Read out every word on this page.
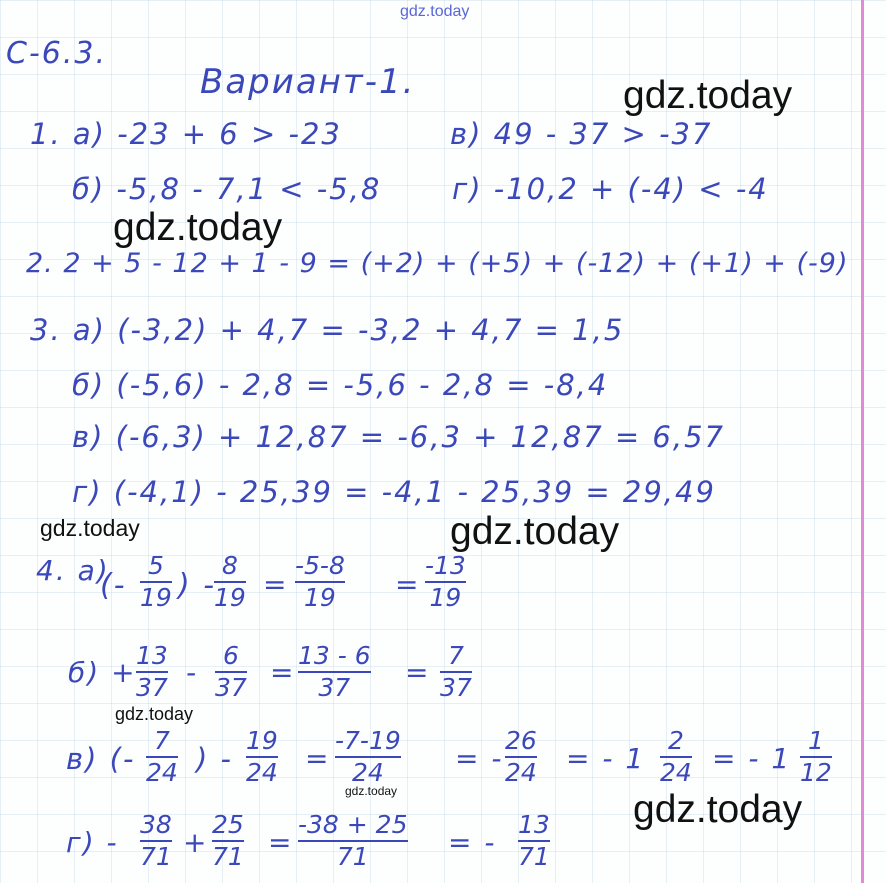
gdz.today
gdz.today
gdz.today
gdz.today	gdz.today
gdz.today
gdz.today	gdz.today
С-6.3.
Вариант-1.
1. а) -23 + 6 > -23	в) 49 - 37 > -37
б) -5,8 - 7,1 < -5,8 г) -10,2 + (-4) < -4
2. 2 + 5 - 12 + 1 - 9 = (+2) + (+5) + (-12) + (+1) + (-9)
3. а) (-3,2) + 4,7 = -3,2 + 4,7 = 1,5
б) (-5,6) - 2,8 = -5,6 - 2,8 = -8,4
в) (-6,3) + 12,87 = -6,3 + 12,87 = 6,57
г) (-4,1) - 25,39 = -4,1 - 25,39 = 29,49
4. а)
(-
5
19 ) -
8
19 =
-5-8
19 =
-13
19
б) +
13
37 -
6
37 =
13 - 6
37 =
7
37
в) (-
7
24 ) -
19
24 =
-7-19
24	= -
26
24 = - 1
2
24 = - 1
1
12
г) -
38
71 +
25
71 =
-38 + 25
71	= -
13
71
